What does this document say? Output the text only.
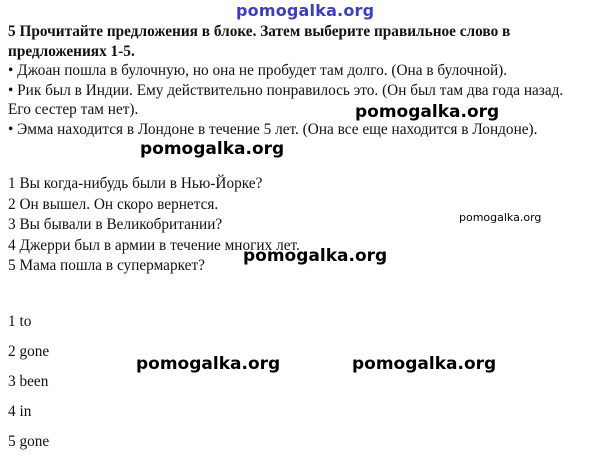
pomogalka.org

5 Прочитайте предложения в блоке. Затем выберите правильное слово в предложениях 1-5.

• Джоан пошла в булочную, но она не пробудет там долго. (Она в булочной).

• Рик был в Индии. Ему действительно понравилось это. (Он был там два года назад. Его сестер там нет).

• Эмма находится в Лондоне в течение 5 лет. (Она все еще находится в Лондоне).

1 Вы когда-нибудь были в Нью-Йорке?

2 Он вышел. Он скоро вернется.

3 Вы бывали в Великобритании?

4 Джерри был в армии в течение многих лет.

5 Мама пошла в супермаркет?

1 to

2 gone

3 been

4 in

5 gone

pomogalka.org
pomogalka.org
pomogalka.org
pomogalka.org
pomogalka.org	pomogalka.org
